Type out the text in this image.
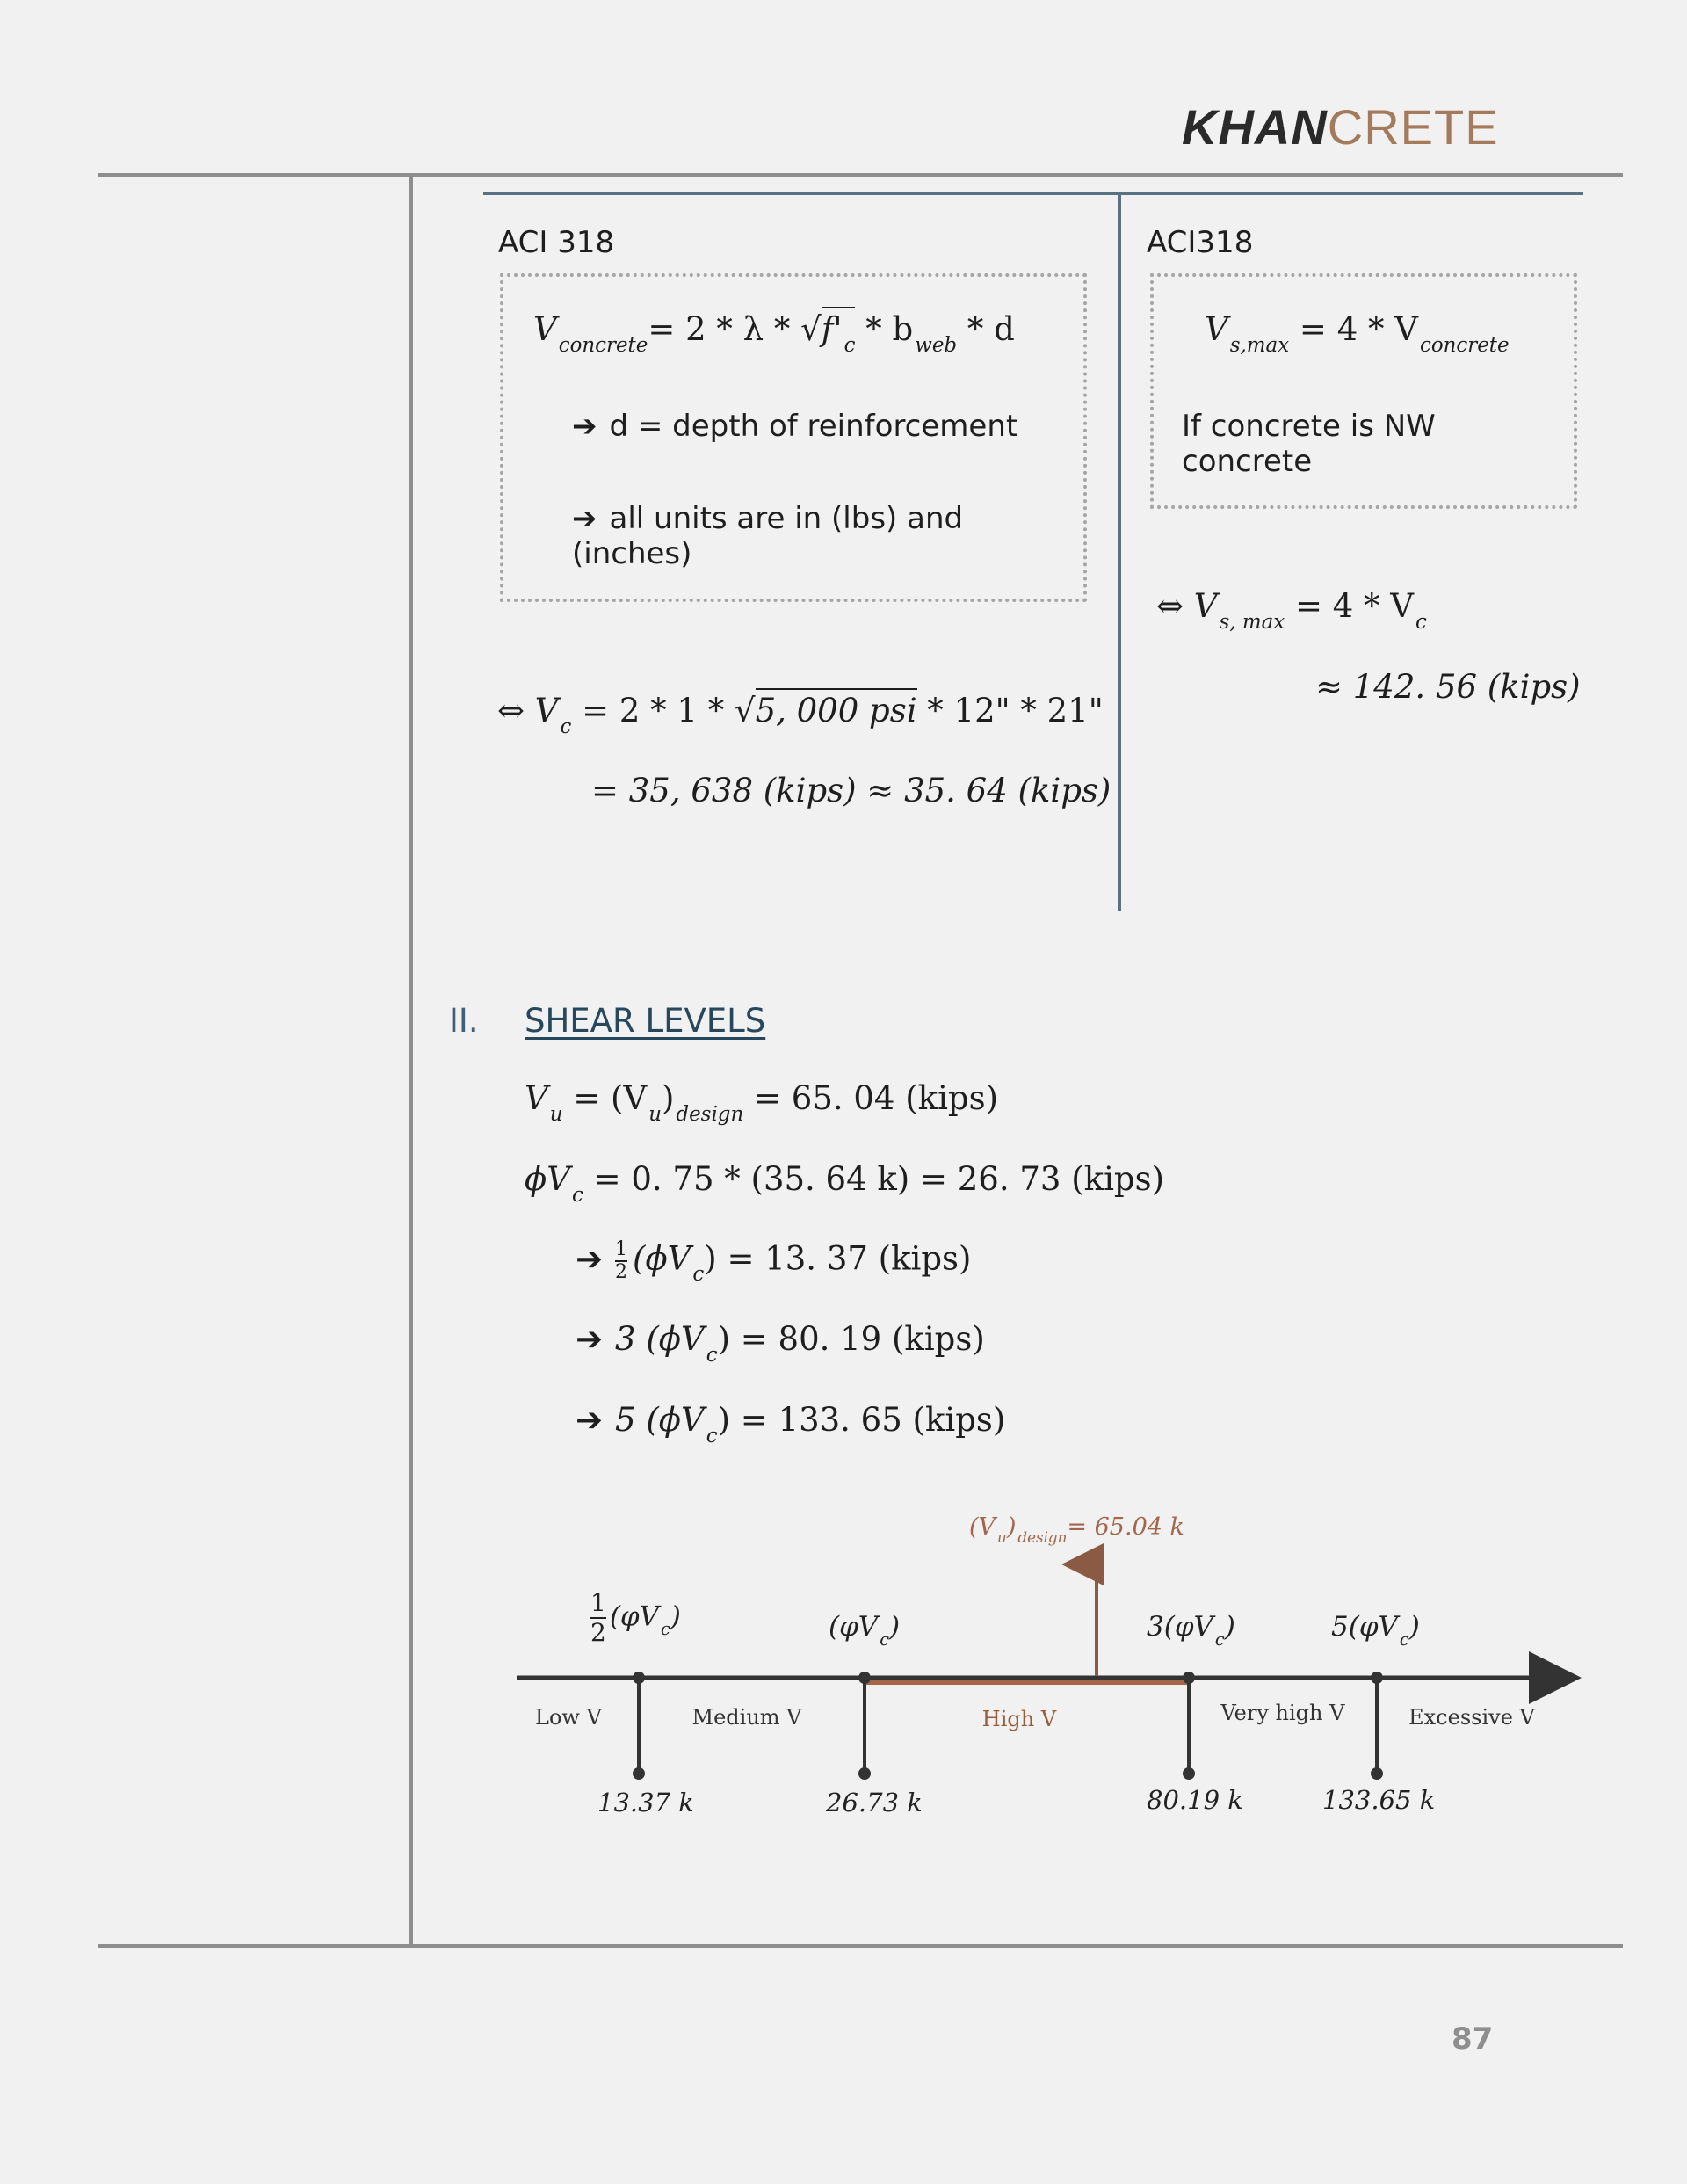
KHANCRETE
ACI 318
$V_{concrete}= 2 * \lambda * √f'_c * b_{web} * d$
➔ d = depth of reinforcement
➔ all units are in (lbs) and (inches)
⇔ $V_c = 2 * 1 * √5$, 000 psi * 12" * 21"
= 35, 638 (kips) ≈ 35. 64 (kips)
ACI318
$V_{s,max} = 4 * V_{concrete}$
If concrete is NW concrete
⇔ $V_{s, max} = 4 * V_c$
≈ 142. 56 (kips)
II. SHEAR LEVELS
$V_u = (V_u)_{design} = 65$. 04 (kips)
$\phi V_c = 0$. 75 * (35. 64 k) = 26. 73 (kips)
➔ $\frac{1}{2} (\phi V_c) = 13$. 37 (kips)
➔ 3 $(\phi V_c) = 80$. 19 (kips)
➔ 5 $(\phi V_c) = 133$. 65 (kips)
(V $_u$) $_{design}$= 65.04 k
$\frac{1}{2} (\varphi V$ $_c$)	(φV $_c$)	3(φV $_c$)	5(φV $_c$)
Low V	Medium V	High V	Very high V	Excessive V
13.37 k	26.73 k	80.19 k	133.65 k
87
